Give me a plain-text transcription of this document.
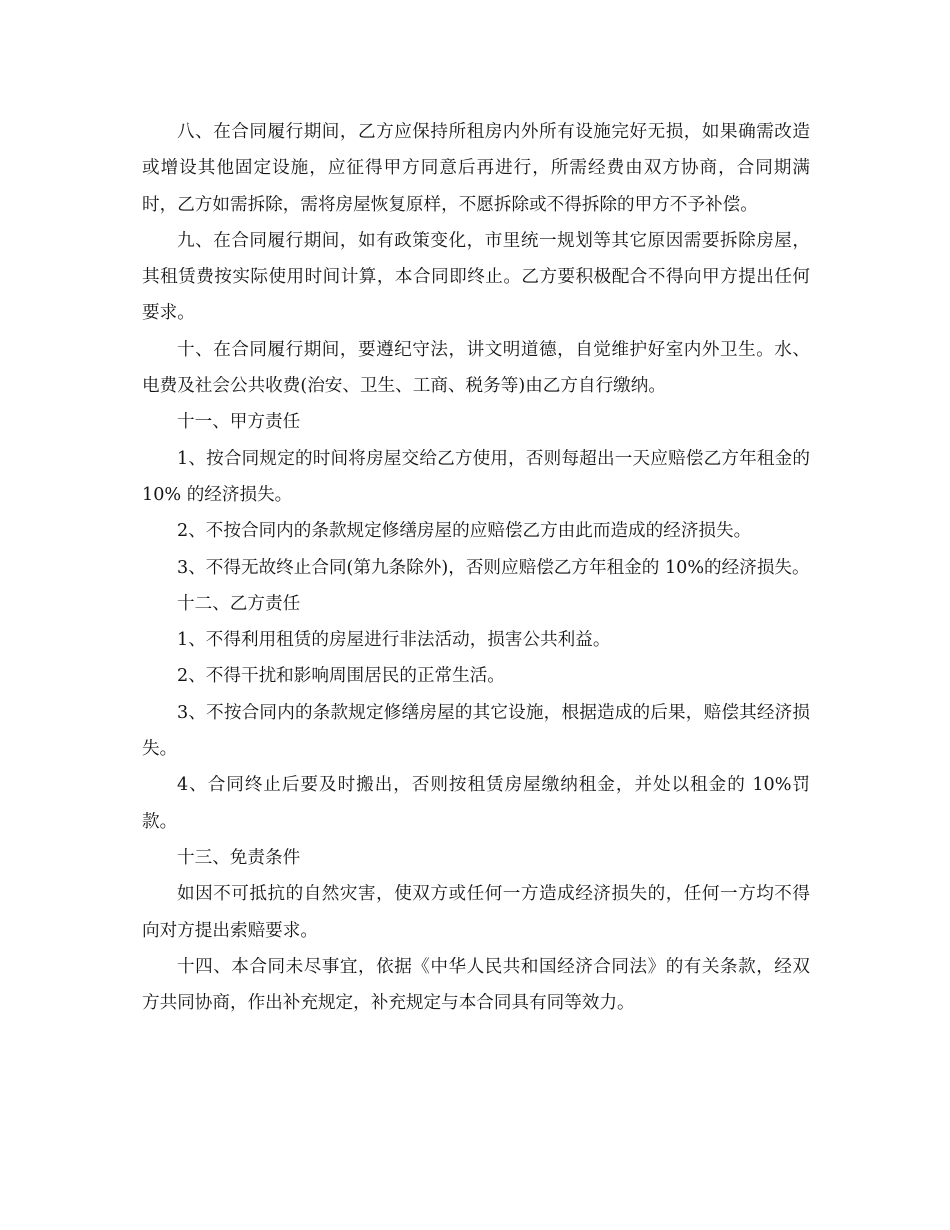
八、在合同履行期间，乙方应保持所租房内外所有设施完好无损，如果确需改造或增设其他固定设施，应征得甲方同意后再进行，所需经费由双方协商，合同期满时，乙方如需拆除，需将房屋恢复原样，不愿拆除或不得拆除的甲方不予补偿。

九、在合同履行期间，如有政策变化，市里统一规划等其它原因需要拆除房屋，其租赁费按实际使用时间计算，本合同即终止。乙方要积极配合不得向甲方提出任何要求。

十、在合同履行期间，要遵纪守法，讲文明道德，自觉维护好室内外卫生。水、电费及社会公共收费(治安、卫生、工商、税务等)由乙方自行缴纳。

十一、甲方责任

1、按合同规定的时间将房屋交给乙方使用，否则每超出一天应赔偿乙方年租金的 10% 的经济损失。

2、不按合同内的条款规定修缮房屋的应赔偿乙方由此而造成的经济损失。

3、不得无故终止合同(第九条除外)，否则应赔偿乙方年租金的 10%的经济损失。

十二、乙方责任

1、不得利用租赁的房屋进行非法活动，损害公共利益。

2、不得干扰和影响周围居民的正常生活。

3、不按合同内的条款规定修缮房屋的其它设施，根据造成的后果，赔偿其经济损失。

4、合同终止后要及时搬出，否则按租赁房屋缴纳租金，并处以租金的 10%罚款。

十三、免责条件

如因不可抵抗的自然灾害，使双方或任何一方造成经济损失的，任何一方均不得向对方提出索赔要求。

十四、本合同未尽事宜，依据《中华人民共和国经济合同法》的有关条款，经双方共同协商，作出补充规定，补充规定与本合同具有同等效力。
